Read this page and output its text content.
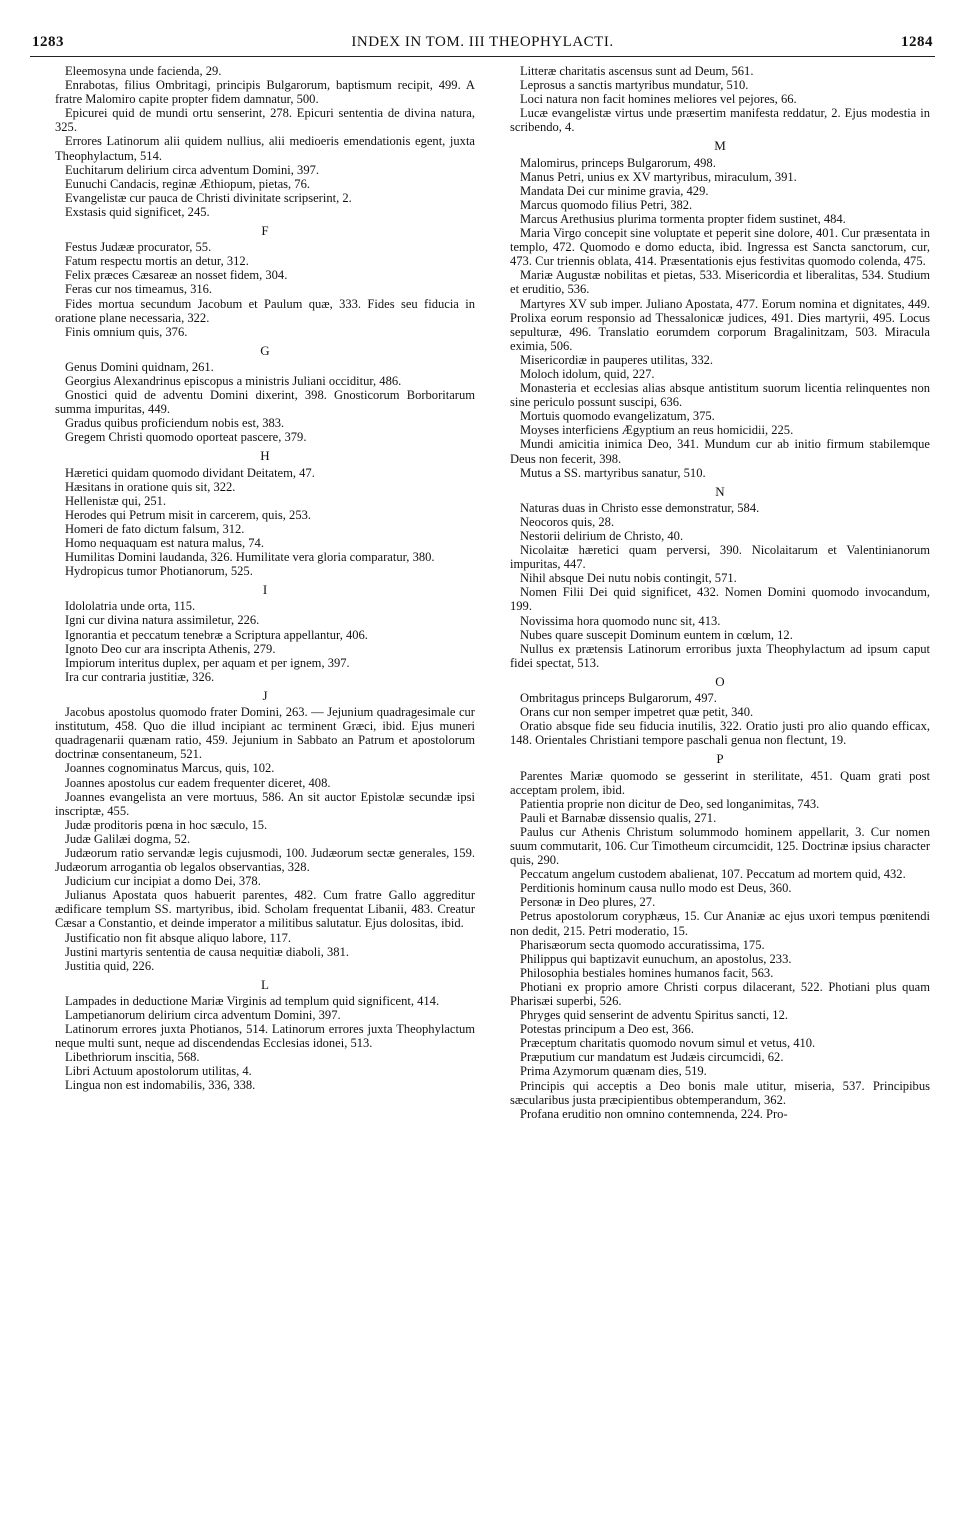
1283	INDEX IN TOM. III THEOPHYLACTI.	1284

Eleemosyna unde facienda, 29.

Enrabotas, filius Ombritagi, principis Bulgarorum, baptismum recipit, 499. A fratre Malomiro capite propter fidem damnatur, 500.

Epicurei quid de mundi ortu senserint, 278. Epicuri sententia de divina natura, 325.

Errores Latinorum alii quidem nullius, alii medioeris emendationis egent, juxta Theophylactum, 514.

Euchitarum delirium circa adventum Domini, 397.

Eunuchi Candacis, reginæ Æthiopum, pietas, 76.

Evangelistæ cur pauca de Christi divinitate scripserint, 2.

Exstasis quid significet, 245.

F

Festus Judææ procurator, 55.

Fatum respectu mortis an detur, 312.

Felix præces Cæsareæ an nosset fidem, 304.

Feras cur nos timeamus, 316.

Fides mortua secundum Jacobum et Paulum quæ, 333. Fides seu fiducia in oratione plane necessaria, 322.

Finis omnium quis, 376.

G

Genus Domini quidnam, 261.

Georgius Alexandrinus episcopus a ministris Juliani occiditur, 486.

Gnostici quid de adventu Domini dixerint, 398. Gnosticorum Borboritarum summa impuritas, 449.

Gradus quibus proficiendum nobis est, 383.

Gregem Christi quomodo oporteat pascere, 379.

H

Hæretici quidam quomodo dividant Deitatem, 47.

Hæsitans in oratione quis sit, 322.

Hellenistæ qui, 251.

Herodes qui Petrum misit in carcerem, quis, 253.

Homeri de fato dictum falsum, 312.

Homo nequaquam est natura malus, 74.

Humilitas Domini laudanda, 326. Humilitate vera gloria comparatur, 380.

Hydropicus tumor Photianorum, 525.

I

Idololatria unde orta, 115.

Igni cur divina natura assimiletur, 226.

Ignorantia et peccatum tenebræ a Scriptura appellantur, 406.

Ignoto Deo cur ara inscripta Athenis, 279.

Impiorum interitus duplex, per aquam et per ignem, 397.

Ira cur contraria justitiæ, 326.

J

Jacobus apostolus quomodo frater Domini, 263. — Jejunium quadragesimale cur institutum, 458. Quo die illud incipiant ac terminent Græci, ibid. Ejus muneri quadragenarii quænam ratio, 459. Jejunium in Sabbato an Patrum et apostolorum doctrinæ consentaneum, 521.

Joannes cognominatus Marcus, quis, 102.

Joannes apostolus cur eadem frequenter diceret, 408.

Joannes evangelista an vere mortuus, 586. An sit auctor Epistolæ secundæ ipsi inscriptæ, 455.

Judæ proditoris pœna in hoc sæculo, 15.

Judæ Galilæi dogma, 52.

Judæorum ratio servandæ legis cujusmodi, 100. Judæorum sectæ generales, 159. Judæorum arrogantia ob legalos observantias, 328.

Judicium cur incipiat a domo Dei, 378.

Julianus Apostata quos habuerit parentes, 482. Cum fratre Gallo aggreditur ædificare templum SS. martyribus, ibid. Scholam frequentat Libanii, 483. Creatur Cæsar a Constantio, et deinde imperator a militibus salutatur. Ejus dolositas, ibid.

Justificatio non fit absque aliquo labore, 117.

Justini martyris sententia de causa nequitiæ diaboli, 381.

Justitia quid, 226.

L

Lampades in deductione Mariæ Virginis ad templum quid significent, 414.

Lampetianorum delirium circa adventum Domini, 397.

Latinorum errores juxta Photianos, 514. Latinorum errores juxta Theophylactum neque multi sunt, neque ad discendendas Ecclesias idonei, 513.

Libethriorum inscitia, 568.

Libri Actuum apostolorum utilitas, 4.

Lingua non est indomabilis, 336, 338.

Litteræ charitatis ascensus sunt ad Deum, 561.

Leprosus a sanctis martyribus mundatur, 510.

Loci natura non facit homines meliores vel pejores, 66.

Lucæ evangelistæ virtus unde præsertim manifesta reddatur, 2. Ejus modestia in scribendo, 4.

M

Malomirus, princeps Bulgarorum, 498.

Manus Petri, unius ex XV martyribus, miraculum, 391.

Mandata Dei cur minime gravia, 429.

Marcus quomodo filius Petri, 382.

Marcus Arethusius plurima tormenta propter fidem sustinet, 484.

Maria Virgo concepit sine voluptate et peperit sine dolore, 401. Cur præsentata in templo, 472. Quomodo e domo educta, ibid. Ingressa est Sancta sanctorum, cur, 473. Cur triennis oblata, 414. Præsentationis ejus festivitas quomodo colenda, 475.

Mariæ Augustæ nobilitas et pietas, 533. Misericordia et liberalitas, 534. Studium et eruditio, 536.

Martyres XV sub imper. Juliano Apostata, 477. Eorum nomina et dignitates, 449. Prolixa eorum responsio ad Thessalonicæ judices, 491. Dies martyrii, 495. Locus sepulturæ, 496. Translatio eorumdem corporum Bragalinitzam, 503. Miracula eximia, 506.

Misericordiæ in pauperes utilitas, 332.

Moloch idolum, quid, 227.

Monasteria et ecclesias alias absque antistitum suorum licentia relinquentes non sine periculo possunt suscipi, 636.

Mortuis quomodo evangelizatum, 375.

Moyses interficiens Ægyptium an reus homicidii, 225.

Mundi amicitia inimica Deo, 341. Mundum cur ab initio firmum stabilemque Deus non fecerit, 398.

Mutus a SS. martyribus sanatur, 510.

N

Naturas duas in Christo esse demonstratur, 584.

Neocoros quis, 28.

Nestorii delirium de Christo, 40.

Nicolaitæ hæretici quam perversi, 390. Nicolaitarum et Valentinianorum impuritas, 447.

Nihil absque Dei nutu nobis contingit, 571.

Nomen Filii Dei quid significet, 432. Nomen Domini quomodo invocandum, 199.

Novissima hora quomodo nunc sit, 413.

Nubes quare suscepit Dominum euntem in cœlum, 12.

Nullus ex prætensis Latinorum erroribus juxta Theophylactum ad ipsum caput fidei spectat, 513.

O

Ombritagus princeps Bulgarorum, 497.

Orans cur non semper impetret quæ petit, 340.

Oratio absque fide seu fiducia inutilis, 322. Oratio justi pro alio quando efficax, 148. Orientales Christiani tempore paschali genua non flectunt, 19.

P

Parentes Mariæ quomodo se gesserint in sterilitate, 451. Quam grati post acceptam prolem, ibid.

Patientia proprie non dicitur de Deo, sed longanimitas, 743.

Pauli et Barnabæ dissensio qualis, 271.

Paulus cur Athenis Christum solummodo hominem appellarit, 3. Cur nomen suum commutarit, 106. Cur Timotheum circumcidit, 125. Doctrinæ ipsius character quis, 290.

Peccatum angelum custodem abalienat, 107. Peccatum ad mortem quid, 432.

Perditionis hominum causa nullo modo est Deus, 360.

Personæ in Deo plures, 27.

Petrus apostolorum coryphæus, 15. Cur Ananiæ ac ejus uxori tempus pœnitendi non dedit, 215. Petri moderatio, 15.

Pharisæorum secta quomodo accuratissima, 175.

Philippus qui baptizavit eunuchum, an apostolus, 233.

Philosophia bestiales homines humanos facit, 563.

Photiani ex proprio amore Christi corpus dilacerant, 522. Photiani plus quam Pharisæi superbi, 526.

Phryges quid senserint de adventu Spiritus sancti, 12.

Potestas principum a Deo est, 366.

Præceptum charitatis quomodo novum simul et vetus, 410.

Præputium cur mandatum est Judæis circumcidi, 62.

Prima Azymorum quænam dies, 519.

Principis qui acceptis a Deo bonis male utitur, miseria, 537. Principibus sæcularibus justa præcipientibus obtemperandum, 362.

Profana eruditio non omnino contemnenda, 224. Pro-
